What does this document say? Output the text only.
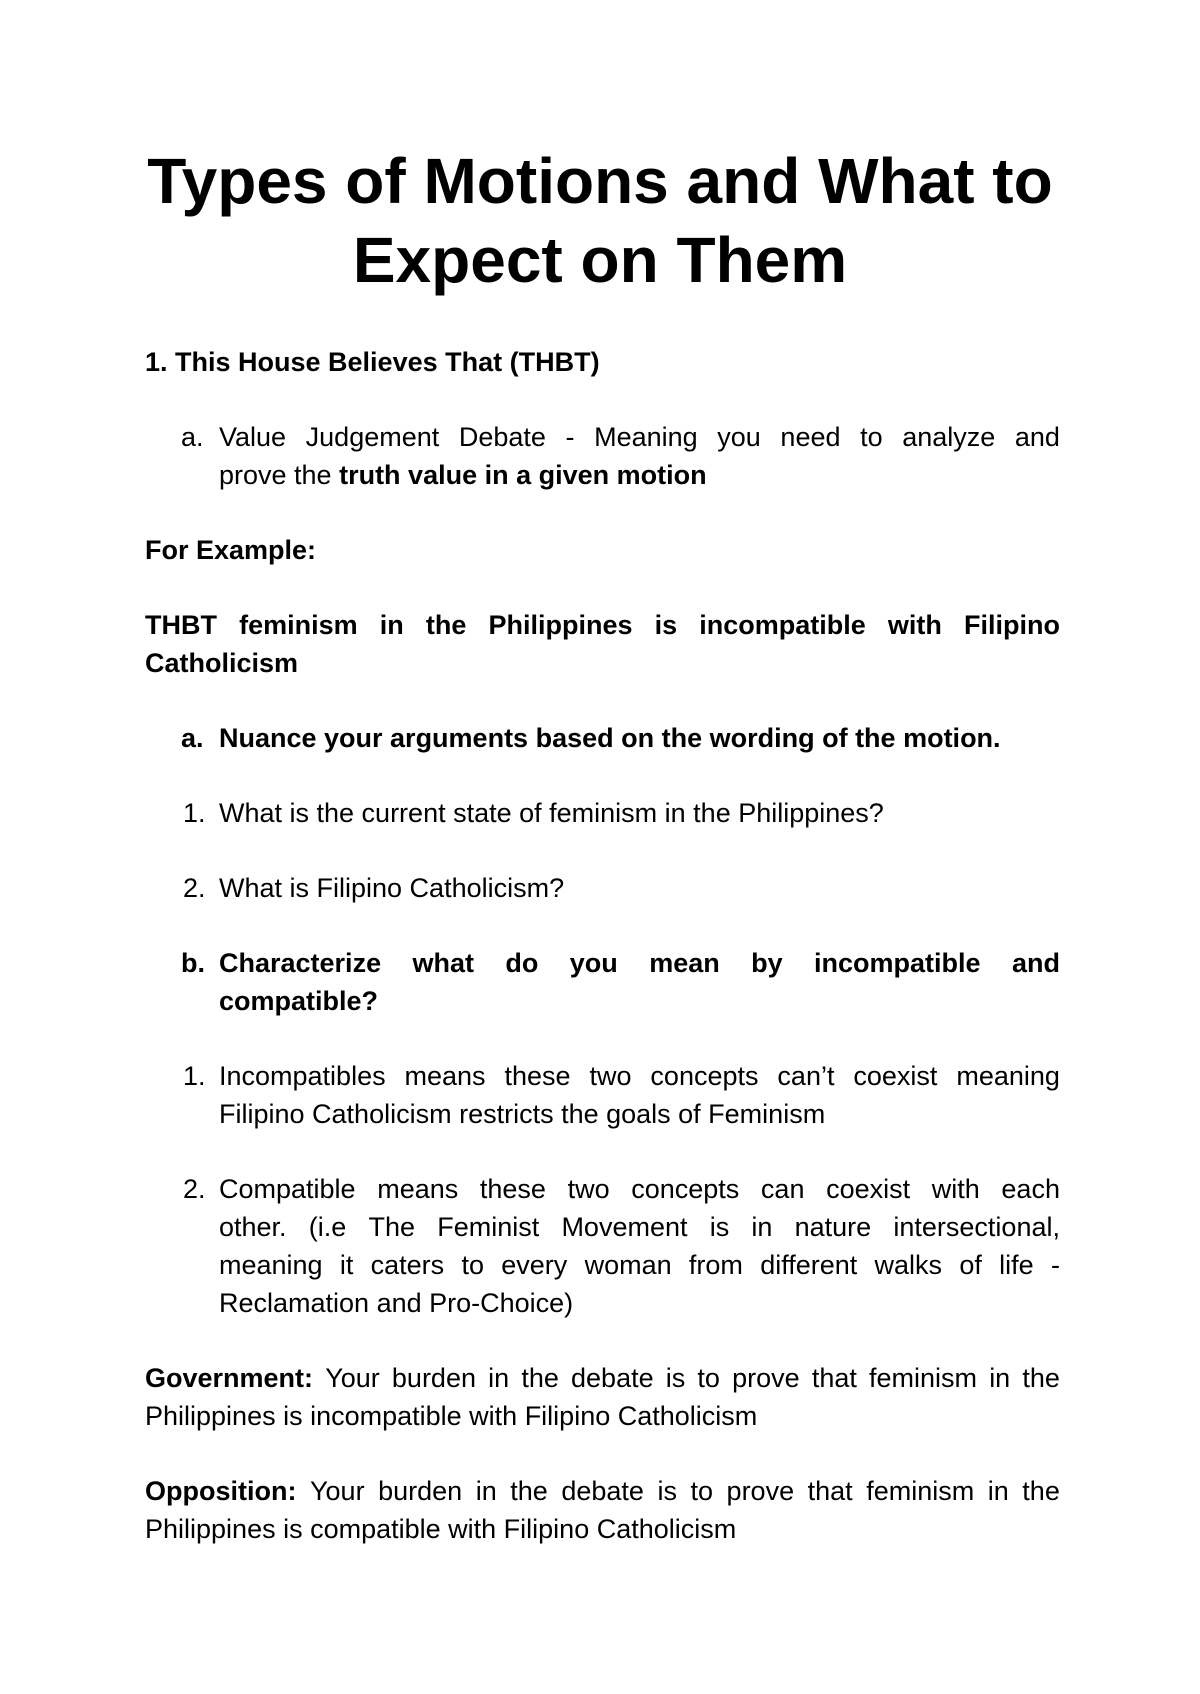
Types of Motions and What to
Expect on Them

1. This House Believes That (THBT)

a. Value Judgement Debate - Meaning you need to analyze and

prove the truth value in a given motion

For Example:

THBT feminism in the Philippines is incompatible with Filipino

Catholicism

a. Nuance your arguments based on the wording of the motion.

1. What is the current state of feminism in the Philippines?

2. What is Filipino Catholicism?

b. Characterize what do you mean by incompatible and

compatible?

1. Incompatibles means these two concepts can’t coexist meaning

Filipino Catholicism restricts the goals of Feminism

2. Compatible means these two concepts can coexist with each
other. (i.e The Feminist Movement is in nature intersectional,
meaning it caters to every woman from different walks of life -

Reclamation and Pro-Choice)

Government: Your burden in the debate is to prove that feminism in the

Philippines is incompatible with Filipino Catholicism

Opposition: Your burden in the debate is to prove that feminism in the

Philippines is compatible with Filipino Catholicism
